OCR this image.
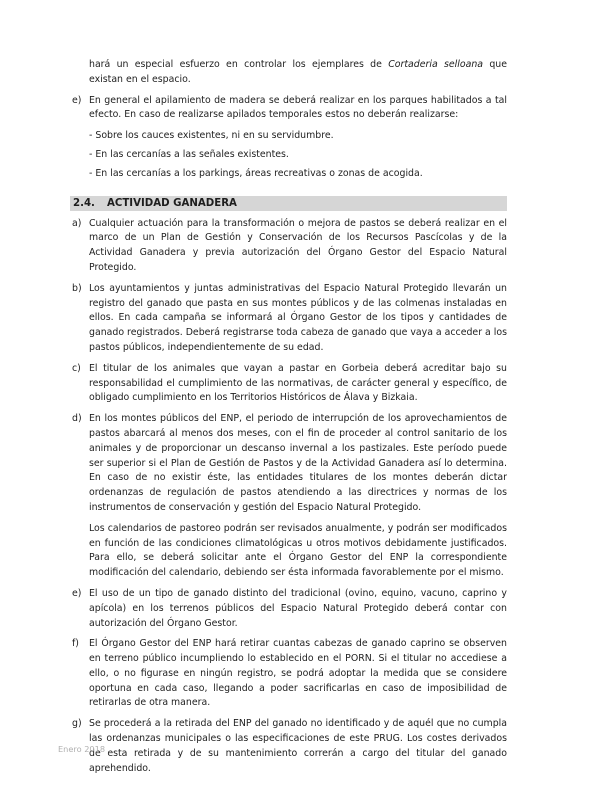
hará un especial esfuerzo en controlar los ejemplares de Cortaderia selloana que existan en el espacio.

e) En general el apilamiento de madera se deberá realizar en los parques habilitados a tal efecto. En caso de realizarse apilados temporales estos no deberán realizarse:

- Sobre los cauces existentes, ni en su servidumbre.

- En las cercanías a las señales existentes.

- En las cercanías a los parkings, áreas recreativas o zonas de acogida.

2.4. ACTIVIDAD GANADERA
a) Cualquier actuación para la transformación o mejora de pastos se deberá realizar en el marco de un Plan de Gestión y Conservación de los Recursos Pascícolas y de la Actividad Ganadera y previa autorización del Órgano Gestor del Espacio Natural Protegido.

b) Los ayuntamientos y juntas administrativas del Espacio Natural Protegido llevarán un registro del ganado que pasta en sus montes públicos y de las colmenas instaladas en ellos. En cada campaña se informará al Órgano Gestor de los tipos y cantidades de ganado registrados. Deberá registrarse toda cabeza de ganado que vaya a acceder a los pastos públicos, independientemente de su edad.

c) El titular de los animales que vayan a pastar en Gorbeia deberá acreditar bajo su responsabilidad el cumplimiento de las normativas, de carácter general y específico, de obligado cumplimiento en los Territorios Históricos de Álava y Bizkaia.

d) En los montes públicos del ENP, el periodo de interrupción de los aprovechamientos de pastos abarcará al menos dos meses, con el fin de proceder al control sanitario de los animales y de proporcionar un descanso invernal a los pastizales. Este período puede ser superior si el Plan de Gestión de Pastos y de la Actividad Ganadera así lo determina. En caso de no existir éste, las entidades titulares de los montes deberán dictar ordenanzas de regulación de pastos atendiendo a las directrices y normas de los instrumentos de conservación y gestión del Espacio Natural Protegido.

Los calendarios de pastoreo podrán ser revisados anualmente, y podrán ser modificados en función de las condiciones climatológicas u otros motivos debidamente justificados. Para ello, se deberá solicitar ante el Órgano Gestor del ENP la correspondiente modificación del calendario, debiendo ser ésta informada favorablemente por el mismo.

e) El uso de un tipo de ganado distinto del tradicional (ovino, equino, vacuno, caprino y apícola) en los terrenos públicos del Espacio Natural Protegido deberá contar con autorización del Órgano Gestor.

f) El Órgano Gestor del ENP hará retirar cuantas cabezas de ganado caprino se observen en terreno público incumpliendo lo establecido en el PORN. Si el titular no accediese a ello, o no figurase en ningún registro, se podrá adoptar la medida que se considere oportuna en cada caso, llegando a poder sacrificarlas en caso de imposibilidad de retirarlas de otra manera.

g) Se procederá a la retirada del ENP del ganado no identificado y de aquél que no cumpla las ordenanzas municipales o las especificaciones de este PRUG. Los costes derivados de esta retirada y de su mantenimiento correrán a cargo del titular del ganado aprehendido.

Enero 2018
